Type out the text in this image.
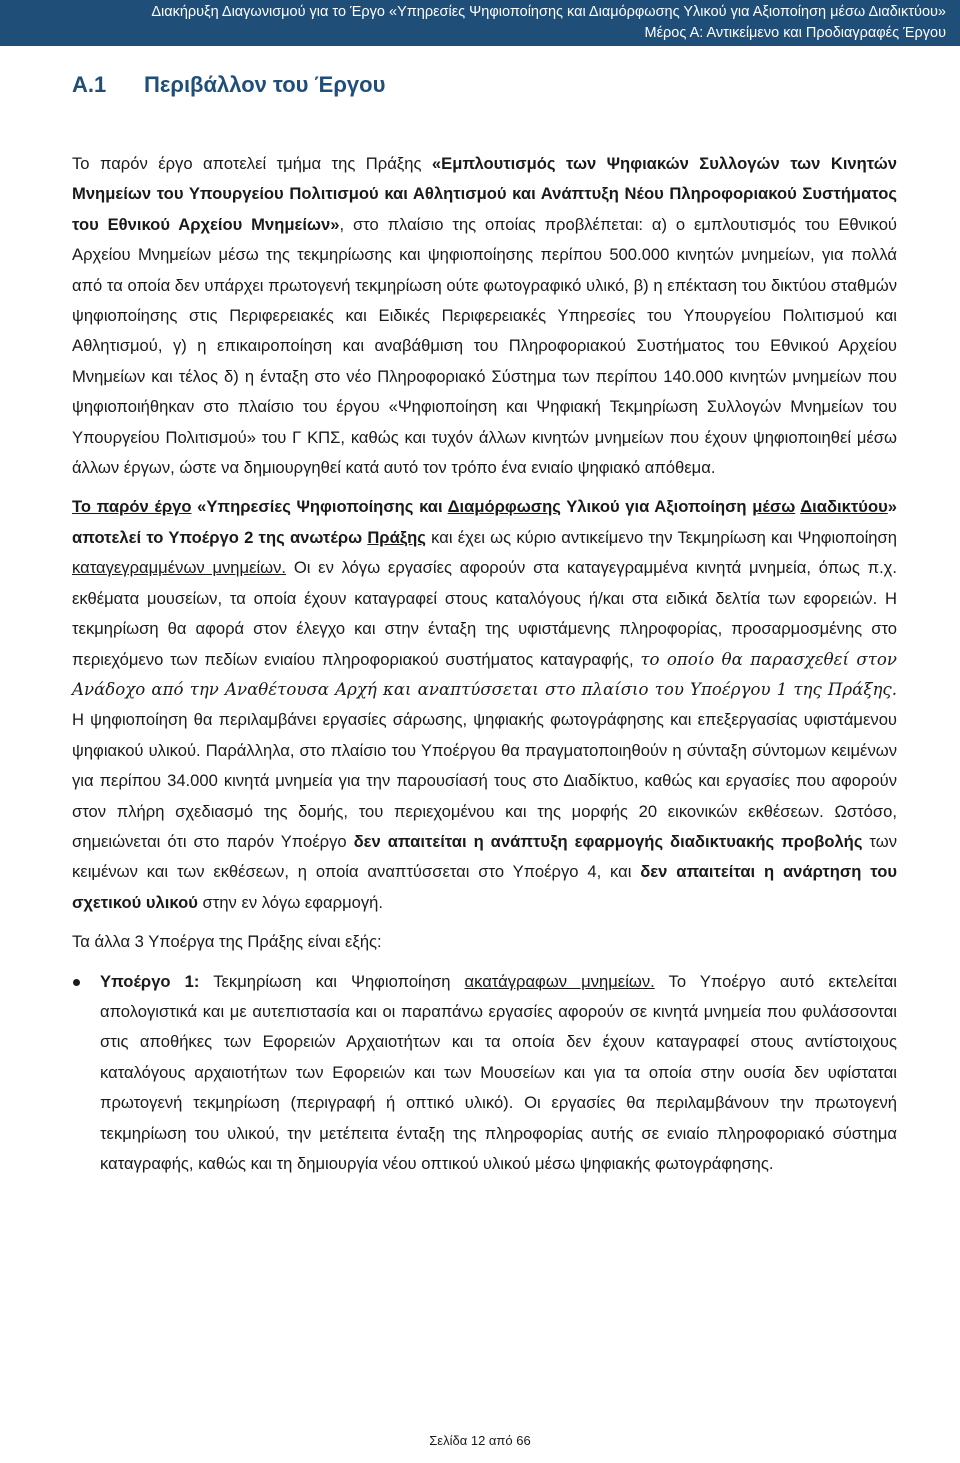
Διακήρυξη Διαγωνισμού για το Έργο «Υπηρεσίες Ψηφιοποίησης και Διαμόρφωσης Υλικού για Αξιοποίηση μέσω Διαδικτύου»
Μέρος Α: Αντικείμενο και Προδιαγραφές Έργου
Α.1 Περιβάλλον του Έργου

Το παρόν έργο αποτελεί τμήμα της Πράξης «Εμπλουτισμός των Ψηφιακών Συλλογών των Κινητών Μνημείων του Υπουργείου Πολιτισμού και Αθλητισμού και Ανάπτυξη Νέου Πληροφοριακού Συστήματος του Εθνικού Αρχείου Μνημείων», στο πλαίσιο της οποίας προβλέπεται: α) ο εμπλουτισμός του Εθνικού Αρχείου Μνημείων μέσω της τεκμηρίωσης και ψηφιοποίησης περίπου 500.000 κινητών μνημείων, για πολλά από τα οποία δεν υπάρχει πρωτογενή τεκμηρίωση ούτε φωτογραφικό υλικό, β) η επέκταση του δικτύου σταθμών ψηφιοποίησης στις Περιφερειακές και Ειδικές Περιφερειακές Υπηρεσίες του Υπουργείου Πολιτισμού και Αθλητισμού, γ) η επικαιροποίηση και αναβάθμιση του Πληροφοριακού Συστήματος του Εθνικού Αρχείου Μνημείων και τέλος δ) η ένταξη στο νέο Πληροφοριακό Σύστημα των περίπου 140.000 κινητών μνημείων που ψηφιοποιήθηκαν στο πλαίσιο του έργου «Ψηφιοποίηση και Ψηφιακή Τεκμηρίωση Συλλογών Μνημείων του Υπουργείου Πολιτισμού» του Γ ΚΠΣ, καθώς και τυχόν άλλων κινητών μνημείων που έχουν ψηφιοποιηθεί μέσω άλλων έργων, ώστε να δημιουργηθεί κατά αυτό τον τρόπο ένα ενιαίο ψηφιακό απόθεμα.

Το παρόν έργο «Υπηρεσίες Ψηφιοποίησης και Διαμόρφωσης Υλικού για Αξιοποίηση μέσω Διαδικτύου» αποτελεί το Υποέργο 2 της ανωτέρω Πράξης και έχει ως κύριο αντικείμενο την Τεκμηρίωση και Ψηφιοποίηση καταγεγραμμένων μνημείων. Οι εν λόγω εργασίες αφορούν στα καταγεγραμμένα κινητά μνημεία, όπως π.χ. εκθέματα μουσείων, τα οποία έχουν καταγραφεί στους καταλόγους ή/και στα ειδικά δελτία των εφορειών. Η τεκμηρίωση θα αφορά στον έλεγχο και στην ένταξη της υφιστάμενης πληροφορίας, προσαρμοσμένης στο περιεχόμενο των πεδίων ενιαίου πληροφοριακού συστήματος καταγραφής, το οποίο θα παρασχεθεί στον Ανάδοχο από την Αναθέτουσα Αρχή και αναπτύσσεται στο πλαίσιο του Υποέργου 1 της Πράξης. Η ψηφιοποίηση θα περιλαμβάνει εργασίες σάρωσης, ψηφιακής φωτογράφησης και επεξεργασίας υφιστάμενου ψηφιακού υλικού. Παράλληλα, στο πλαίσιο του Υποέργου θα πραγματοποιηθούν η σύνταξη σύντομων κειμένων για περίπου 34.000 κινητά μνημεία για την παρουσίασή τους στο Διαδίκτυο, καθώς και εργασίες που αφορούν στον πλήρη σχεδιασμό της δομής, του περιεχομένου και της μορφής 20 εικονικών εκθέσεων. Ωστόσο, σημειώνεται ότι στο παρόν Υποέργο δεν απαιτείται η ανάπτυξη εφαρμογής διαδικτυακής προβολής των κειμένων και των εκθέσεων, η οποία αναπτύσσεται στο Υποέργο 4, και δεν απαιτείται η ανάρτηση του σχετικού υλικού στην εν λόγω εφαρμογή.

Τα άλλα 3 Υποέργα της Πράξης είναι εξής:

Υποέργο 1: Τεκμηρίωση και Ψηφιοποίηση ακατάγραφων μνημείων. Το Υποέργο αυτό εκτελείται απολογιστικά και με αυτεπιστασία και οι παραπάνω εργασίες αφορούν σε κινητά μνημεία που φυλάσσονται στις αποθήκες των Εφορειών Αρχαιοτήτων και τα οποία δεν έχουν καταγραφεί στους αντίστοιχους καταλόγους αρχαιοτήτων των Εφορειών και των Μουσείων και για τα οποία στην ουσία δεν υφίσταται πρωτογενή τεκμηρίωση (περιγραφή ή οπτικό υλικό). Οι εργασίες θα περιλαμβάνουν την πρωτογενή τεκμηρίωση του υλικού, την μετέπειτα ένταξη της πληροφορίας αυτής σε ενιαίο πληροφοριακό σύστημα καταγραφής, καθώς και τη δημιουργία νέου οπτικού υλικού μέσω ψηφιακής φωτογράφησης.
Σελίδα 12 από 66
